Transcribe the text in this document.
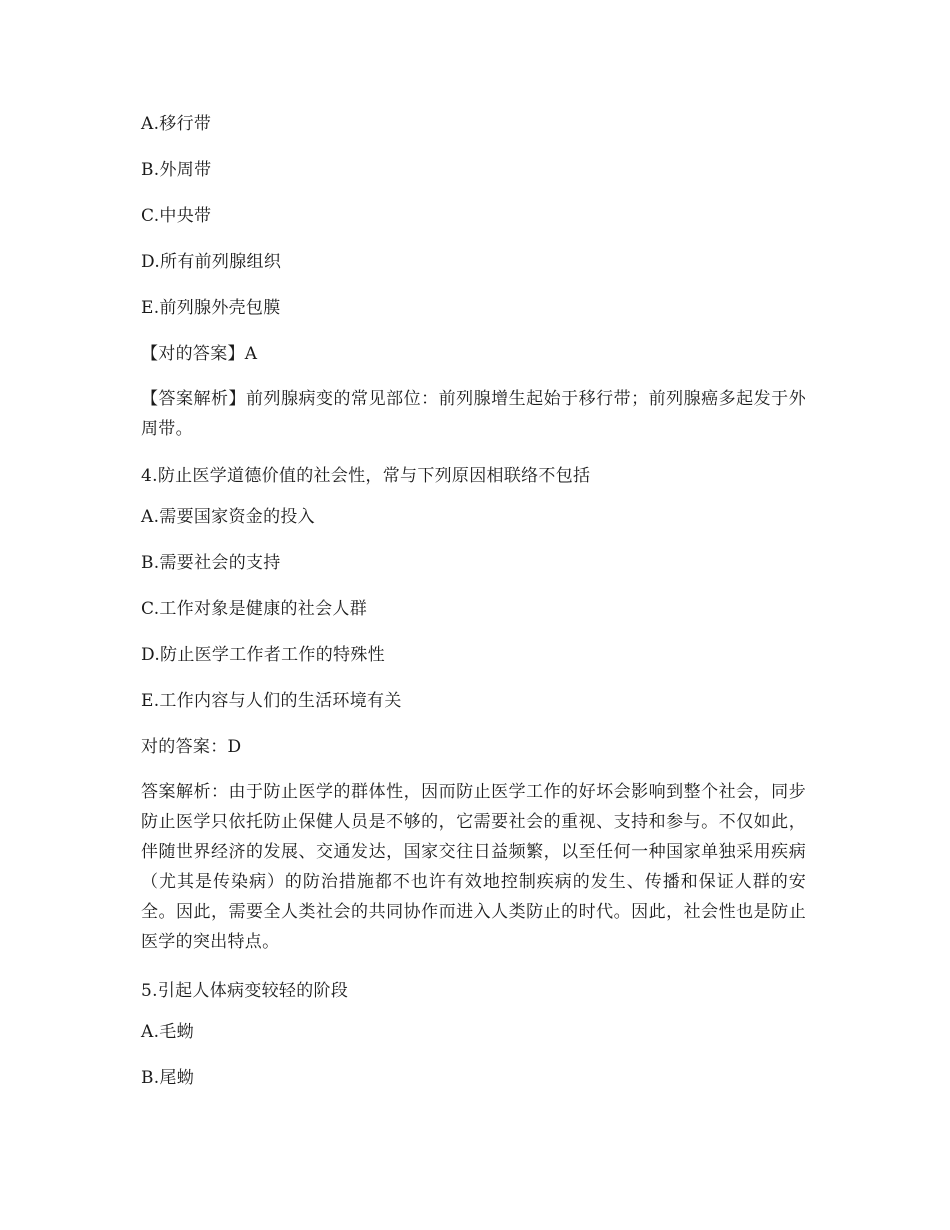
A.移行带
B.外周带
C.中央带
D.所有前列腺组织
E.前列腺外壳包膜
【对的答案】A
【答案解析】前列腺病变的常见部位：前列腺增生起始于移行带；前列腺癌多起发于外周带。
4.防止医学道德价值的社会性，常与下列原因相联络不包括
A.需要国家资金的投入
B.需要社会的支持
C.工作对象是健康的社会人群
D.防止医学工作者工作的特殊性
E.工作内容与人们的生活环境有关
对的答案：D
答案解析：由于防止医学的群体性，因而防止医学工作的好坏会影响到整个社会，同步防止医学只依托防止保健人员是不够的，它需要社会的重视、支持和参与。不仅如此，伴随世界经济的发展、交通发达，国家交往日益频繁，以至任何一种国家单独采用疾病（尤其是传染病）的防治措施都不也许有效地控制疾病的发生、传播和保证人群的安全。因此，需要全人类社会的共同协作而进入人类防止的时代。因此，社会性也是防止医学的突出特点。
5.引起人体病变较轻的阶段
A.毛蚴
B.尾蚴
